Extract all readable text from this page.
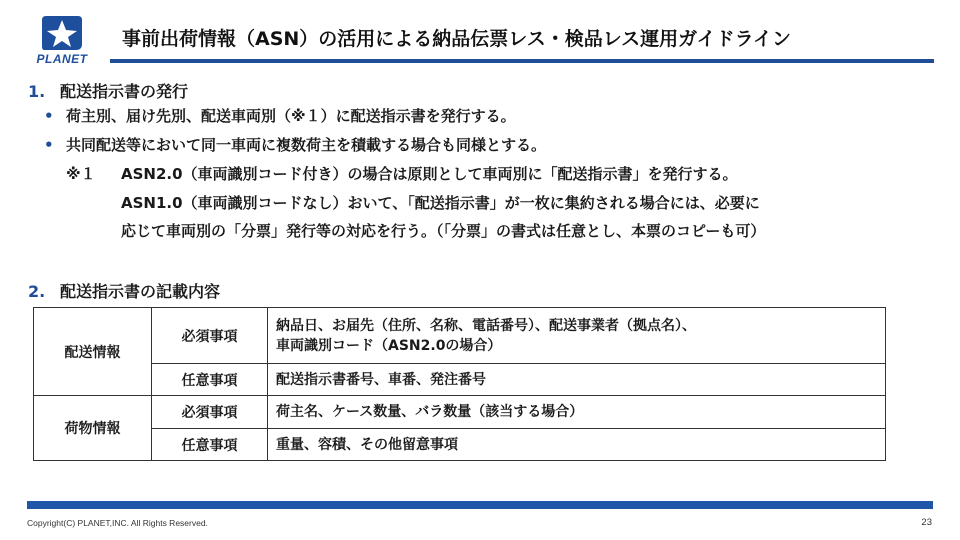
PLANET
事前出荷情報（ASN）の活用による納品伝票レス・検品レス運用ガイドライン
1. 配送指示書の発行
• 荷主別、届け先別、配送車両別（※１）に配送指示書を発行する。
• 共同配送等において同一車両に複数荷主を積載する場合も同様とする。
※１ ASN2.0（車両識別コード付き）の場合は原則として車両別に「配送指示書」を発行する。
ASN1.0（車両識別コードなし）おいて、「配送指示書」が一枚に集約される場合には、必要に
応じて車両別の「分票」発行等の対応を行う。（「分票」の書式は任意とし、本票のコピーも可）
2. 配送指示書の記載内容
配送情報	必須事項	納品日、お届先（住所、名称、電話番号）、配送事業者（拠点名）、
車両識別コード（ASN2.0の場合）

	任意事項	配送指示書番号、車番、発注番号
荷物情報	必須事項	荷主名、ケース数量、バラ数量（該当する場合）
	任意事項	重量、容積、その他留意事項
Copyright(C) PLANET,INC. All Rights Reserved.	23
